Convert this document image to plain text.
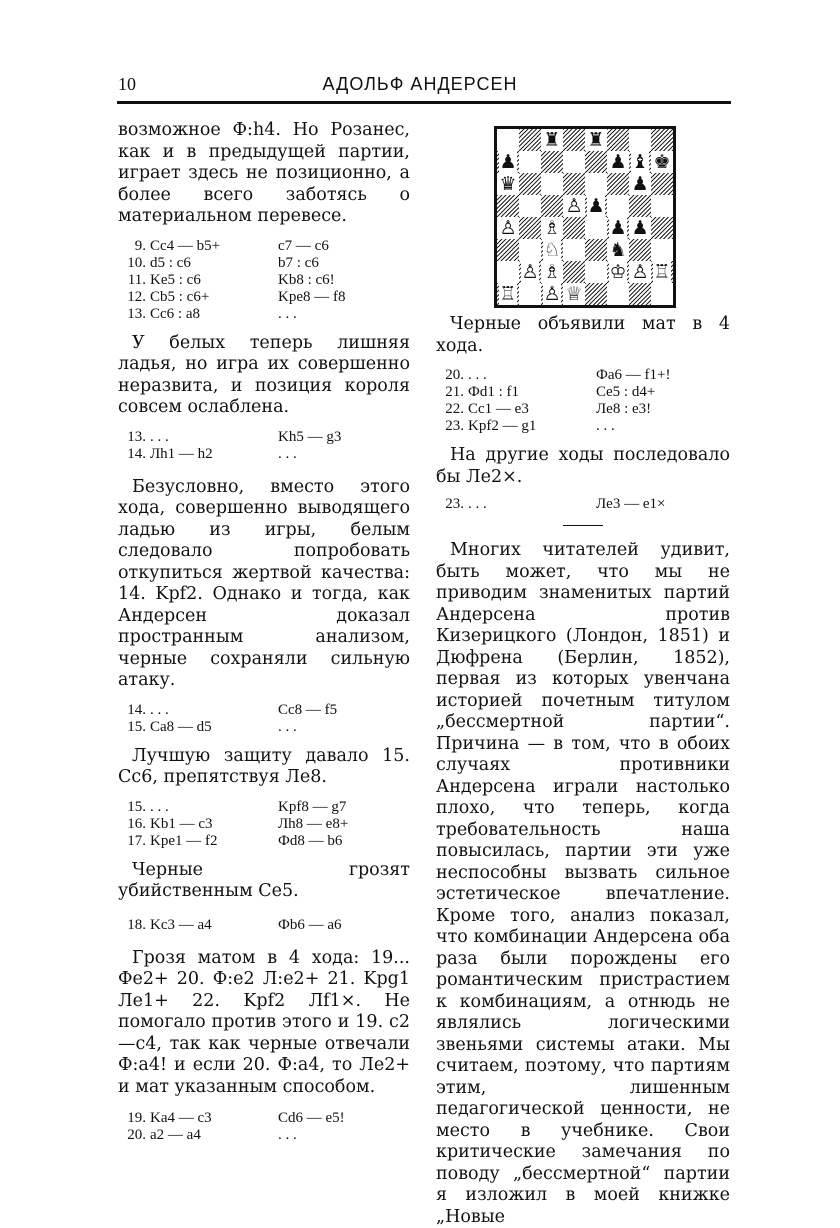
10	АДОЛЬФ АНДЕРСЕН

возможное Ф:h4. Но Розанес, как и в предыдущей партии, играет здесь не позиционно, а более всего заботясь о материальном перевесе.

9.	Cc4 — b5+	c7 — c6
10.	d5 : c6	b7 : c6
11.	Ke5 : c6	Kb8 : c6!
12.	Cb5 : c6+	Kpe8 — f8
13.	Cc6 : a8	. . .

У белых теперь лишняя ладья, но игра их совершенно неразвита, и позиция короля совсем ослаблена.

13.	. . .	Kh5 — g3
14.	Лh1 — h2	. . .

Безусловно, вместо этого хода, совершенно выводящего ладью из игры, белым следовало попробовать откупиться жертвой качества: 14. Kpf2. Однако и тогда, как Андерсен доказал пространным анализом, черные сохраняли сильную атаку.

14.	. . .	Cc8 — f5
15.	Ca8 — d5	. . .

Лучшую защиту давало 15. Сс6, препятствуя Ле8.

15.	. . .	Kpf8 — g7
16.	Kb1 — c3	Лh8 — e8+
17.	Kpe1 — f2	Фd8 — b6

Черные грозят убийственным Се5.

18.	Kc3 — a4	Фb6 — a6

Грозя матом в 4 хода: 19... Фе2+ 20. Ф:е2 Л:е2+ 21. Kpg1 Ле1+ 22. Kpf2 Лf1×. Не помогало против этого и 19. с2—с4, так как черные отвечали Ф:а4! и если 20. Ф:а4, то Ле2+ и мат указанным способом.

19.	Ka4 — c3	Cd6 — e5!
20.	a2 — a4	. . .
♜ ♜
♟	♟ ♝ ♚
♛	♟
♙ ♟
♙ ♗	♟ ♟
♘	♞
♙ ♗	♔ ♙ ♖
♖ ♙ ♕

Черные объявили мат в 4 хода.

20.	. . .	Фa6 — f1+!
21.	Фd1 : f1	Ce5 : d4+
22.	Cc1 — e3	Лe8 : e3!
23.	Kpf2 — g1	. . .

На другие ходы последовало бы Ле2×.

23.	. . .	Лe3 — e1×

Многих читателей удивит, быть может, что мы не приводим знаменитых партий Андерсена против Кизерицкого (Лондон, 1851) и Дюфрена (Берлин, 1852), первая из которых увенчана историей почетным титулом „бессмертной партии“. Причина — в том, что в обоих случаях противники Андерсена играли настолько плохо, что теперь, когда требовательность наша повысилась, партии эти уже неспособны вызвать сильное эстетическое впечатление. Кроме того, анализ показал, что комбинации Андерсена оба раза были порождены его романтическим пристрастием к комбинациям, а отнюдь не являлись логическими звеньями системы атаки. Мы считаем, поэтому, что партиям этим, лишенным педагогической ценности, не место в учебнике. Свои критические замечания по поводу „бессмертной“ партии я изложил в моей книжке „Новые
